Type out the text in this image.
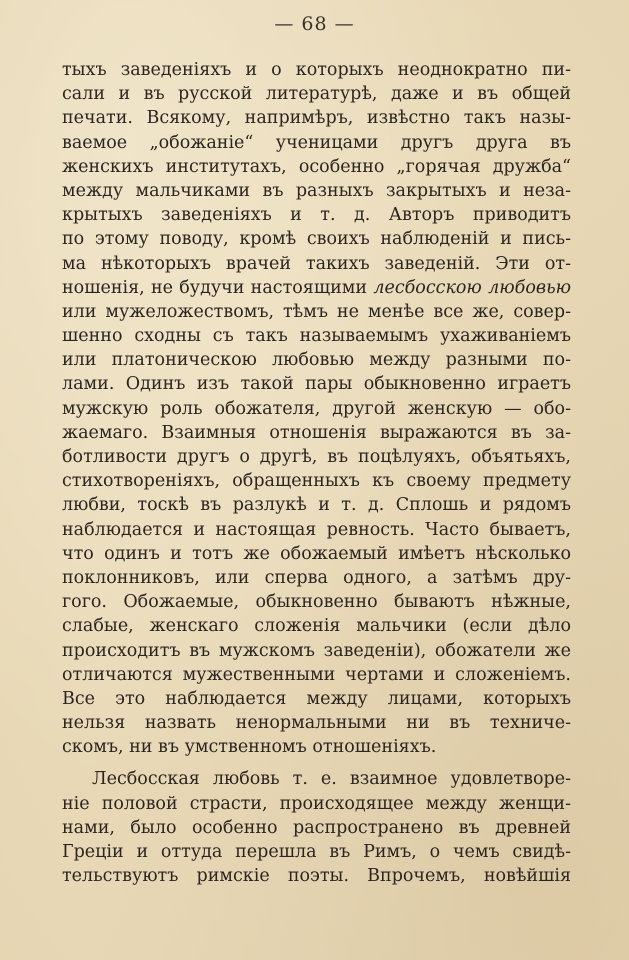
— 68 —
тыхъ заведеніяхъ и о которыхъ неоднократно пи-
сали и въ русской литературѣ, даже и въ общей
печати. Всякому, напримѣръ, извѣстно такъ назы-
ваемое „обожаніе“ ученицами другъ друга въ
женскихъ институтахъ, особенно „горячая дружба“
между мальчиками въ разныхъ закрытыхъ и неза-
крытыхъ заведеніяхъ и т. д. Авторъ приводитъ
по этому поводу, кромѣ своихъ наблюденій и пись-
ма нѣкоторыхъ врачей такихъ заведеній. Эти от-
ношенія, не будучи настоящими лесбосскою любовью
или мужеложествомъ, тѣмъ не менѣе все же, совер-
шенно сходны съ такъ называемымъ ухаживаніемъ
или платоническою любовью между разными по-
лами. Одинъ изъ такой пары обыкновенно играетъ
мужскую роль обожателя, другой женскую — обо-
жаемаго. Взаимныя отношенія выражаются въ за-
ботливости другъ о другѣ, въ поцѣлуяхъ, объятьяхъ,
стихотвореніяхъ, обращенныхъ къ своему предмету
любви, тоскѣ въ разлукѣ и т. д. Сплошь и рядомъ
наблюдается и настоящая ревность. Часто бываетъ,
что одинъ и тотъ же обожаемый имѣетъ нѣсколько
поклонниковъ, или сперва одного, а затѣмъ дру-
гого. Обожаемые, обыкновенно бываютъ нѣжные,
слабые, женскаго сложенія мальчики (если дѣло
происходитъ въ мужскомъ заведеніи), обожатели же
отличаются мужественными чертами и сложеніемъ.
Все это наблюдается между лицами, которыхъ
нельзя назвать ненормальными ни въ техниче-
скомъ, ни въ умственномъ отношеніяхъ.
Лесбосская любовь т. е. взаимное удовлетворе-
ніе половой страсти, происходящее между женщи-
нами, было особенно распространено въ древней
Греціи и оттуда перешла въ Римъ, о чемъ свидѣ-
тельствуютъ римскіе поэты. Впрочемъ, новѣйшія
